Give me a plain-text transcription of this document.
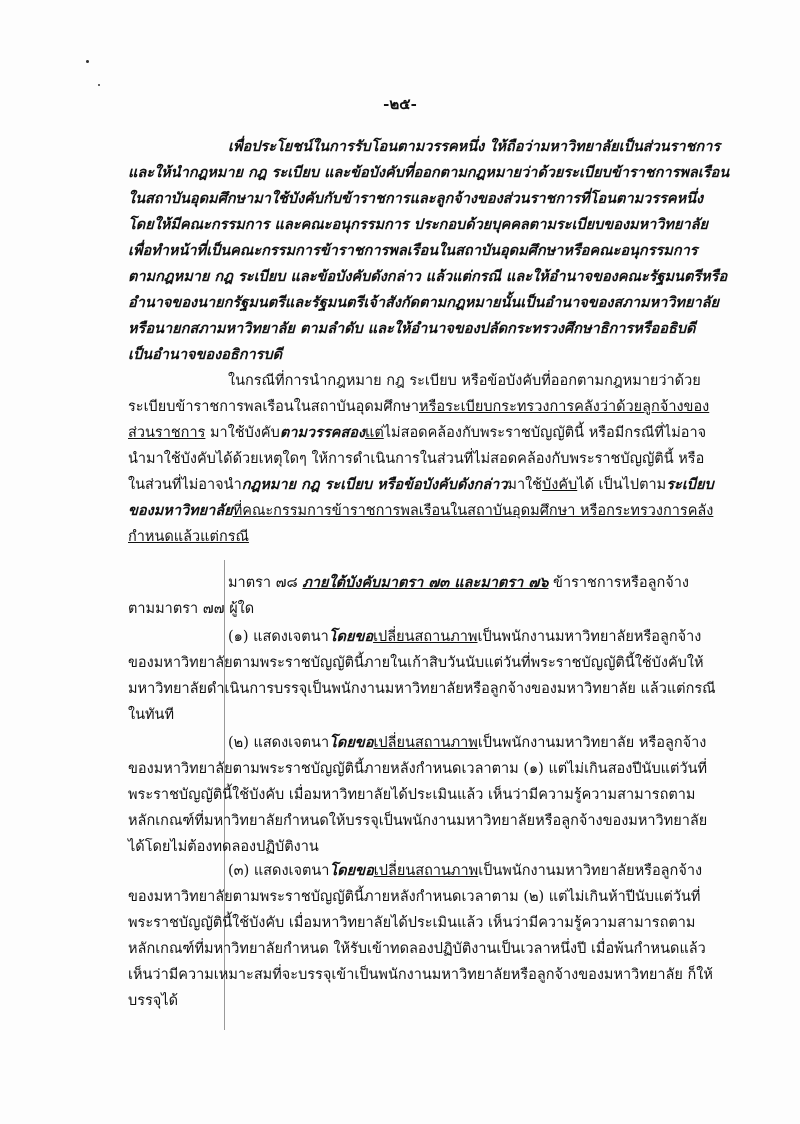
-๒๕-
เพื่อประโยชน์ในการรับโอนตามวรรคหนึ่ง ให้ถือว่ามหาวิทยาลัยเป็นส่วนราชการ
และให้นำกฎหมาย กฎ ระเบียบ และข้อบังคับที่ออกตามกฎหมายว่าด้วยระเบียบข้าราชการพลเรือน
ในสถาบันอุดมศึกษามาใช้บังคับกับข้าราชการและลูกจ้างของส่วนราชการที่โอนตามวรรคหนึ่ง
โดยให้มีคณะกรรมการ และคณะอนุกรรมการ ประกอบด้วยบุคคลตามระเบียบของมหาวิทยาลัย
เพื่อทำหน้าที่เป็นคณะกรรมการข้าราชการพลเรือนในสถาบันอุดมศึกษาหรือคณะอนุกรรมการ
ตามกฎหมาย กฎ ระเบียบ และข้อบังคับดังกล่าว แล้วแต่กรณี และให้อำนาจของคณะรัฐมนตรีหรือ
อำนาจของนายกรัฐมนตรีและรัฐมนตรีเจ้าสังกัดตามกฎหมายนั้นเป็นอำนาจของสภามหาวิทยาลัย
หรือนายกสภามหาวิทยาลัย ตามลำดับ และให้อำนาจของปลัดกระทรวงศึกษาธิการหรืออธิบดี
เป็นอำนาจของอธิการบดี
ในกรณีที่การนำกฎหมาย กฎ ระเบียบ หรือข้อบังคับที่ออกตามกฎหมายว่าด้วย
ระเบียบข้าราชการพลเรือนในสถาบันอุดมศึกษาหรือระเบียบกระทรวงการคลังว่าด้วยลูกจ้างของ
ส่วนราชการ มาใช้บังคับตามวรรคสองแต่ไม่สอดคล้องกับพระราชบัญญัตินี้ หรือมีกรณีที่ไม่อาจ
นำมาใช้บังคับได้ด้วยเหตุใดๆ ให้การดำเนินการในส่วนที่ไม่สอดคล้องกับพระราชบัญญัตินี้ หรือ
ในส่วนที่ไม่อาจนำกฎหมาย กฎ ระเบียบ หรือข้อบังคับดังกล่าวมาใช้บังคับได้ เป็นไปตามระเบียบ
ของมหาวิทยาลัยที่คณะกรรมการข้าราชการพลเรือนในสถาบันอุดมศึกษา หรือกระทรวงการคลัง
กำหนดแล้วแต่กรณี
มาตรา ๗๘ ภายใต้บังคับมาตรา ๗๓ และมาตรา ๗๖ ข้าราชการหรือลูกจ้าง
ตามมาตรา ๗๗ ผู้ใด
(๑) แสดงเจตนาโดยขอเปลี่ยนสถานภาพเป็นพนักงานมหาวิทยาลัยหรือลูกจ้าง
ของมหาวิทยาลัยตามพระราชบัญญัตินี้ภายในเก้าสิบวันนับแต่วันที่พระราชบัญญัตินี้ใช้บังคับให้
มหาวิทยาลัยดำเนินการบรรจุเป็นพนักงานมหาวิทยาลัยหรือลูกจ้างของมหาวิทยาลัย แล้วแต่กรณี
ในทันที
(๒) แสดงเจตนาโดยขอเปลี่ยนสถานภาพเป็นพนักงานมหาวิทยาลัย หรือลูกจ้าง
ของมหาวิทยาลัยตามพระราชบัญญัตินี้ภายหลังกำหนดเวลาตาม (๑) แต่ไม่เกินสองปีนับแต่วันที่
พระราชบัญญัตินี้ใช้บังคับ เมื่อมหาวิทยาลัยได้ประเมินแล้ว เห็นว่ามีความรู้ความสามารถตาม
หลักเกณฑ์ที่มหาวิทยาลัยกำหนดให้บรรจุเป็นพนักงานมหาวิทยาลัยหรือลูกจ้างของมหาวิทยาลัย
ได้โดยไม่ต้องทดลองปฏิบัติงาน
(๓) แสดงเจตนาโดยขอเปลี่ยนสถานภาพเป็นพนักงานมหาวิทยาลัยหรือลูกจ้าง
ของมหาวิทยาลัยตามพระราชบัญญัตินี้ภายหลังกำหนดเวลาตาม (๒) แต่ไม่เกินห้าปีนับแต่วันที่
พระราชบัญญัตินี้ใช้บังคับ เมื่อมหาวิทยาลัยได้ประเมินแล้ว เห็นว่ามีความรู้ความสามารถตาม
หลักเกณฑ์ที่มหาวิทยาลัยกำหนด ให้รับเข้าทดลองปฏิบัติงานเป็นเวลาหนึ่งปี เมื่อพ้นกำหนดแล้ว
เห็นว่ามีความเหมาะสมที่จะบรรจุเข้าเป็นพนักงานมหาวิทยาลัยหรือลูกจ้างของมหาวิทยาลัย ก็ให้
บรรจุได้
